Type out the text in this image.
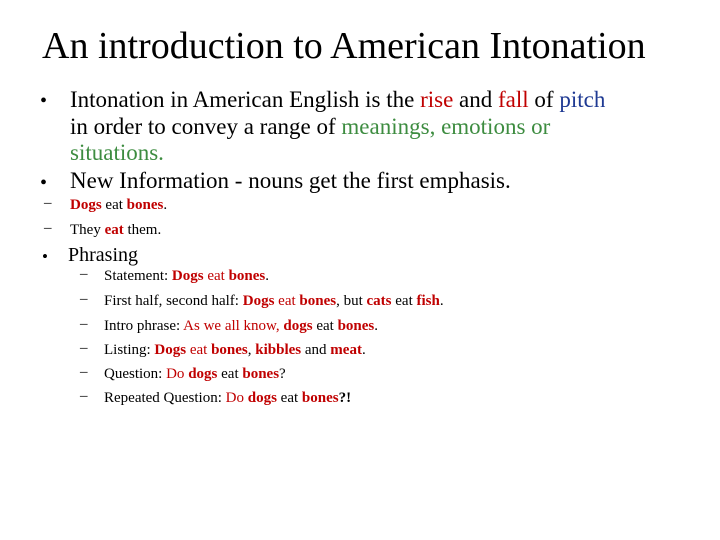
An introduction to American Intonation
• Intonation in American English is the rise and fall of pitch
in order to convey a range of meanings, emotions or
situations.
• New Information - nouns get the first emphasis.
– Dogs eat bones.
– They eat them.
• Phrasing
– Statement: Dogs eat bones.
– First half, second half: Dogs eat bones, but cats eat fish.
– Intro phrase: As we all know, dogs eat bones.
– Listing: Dogs eat bones, kibbles and meat.
– Question: Do dogs eat bones?
– Repeated Question: Do dogs eat bones?!
